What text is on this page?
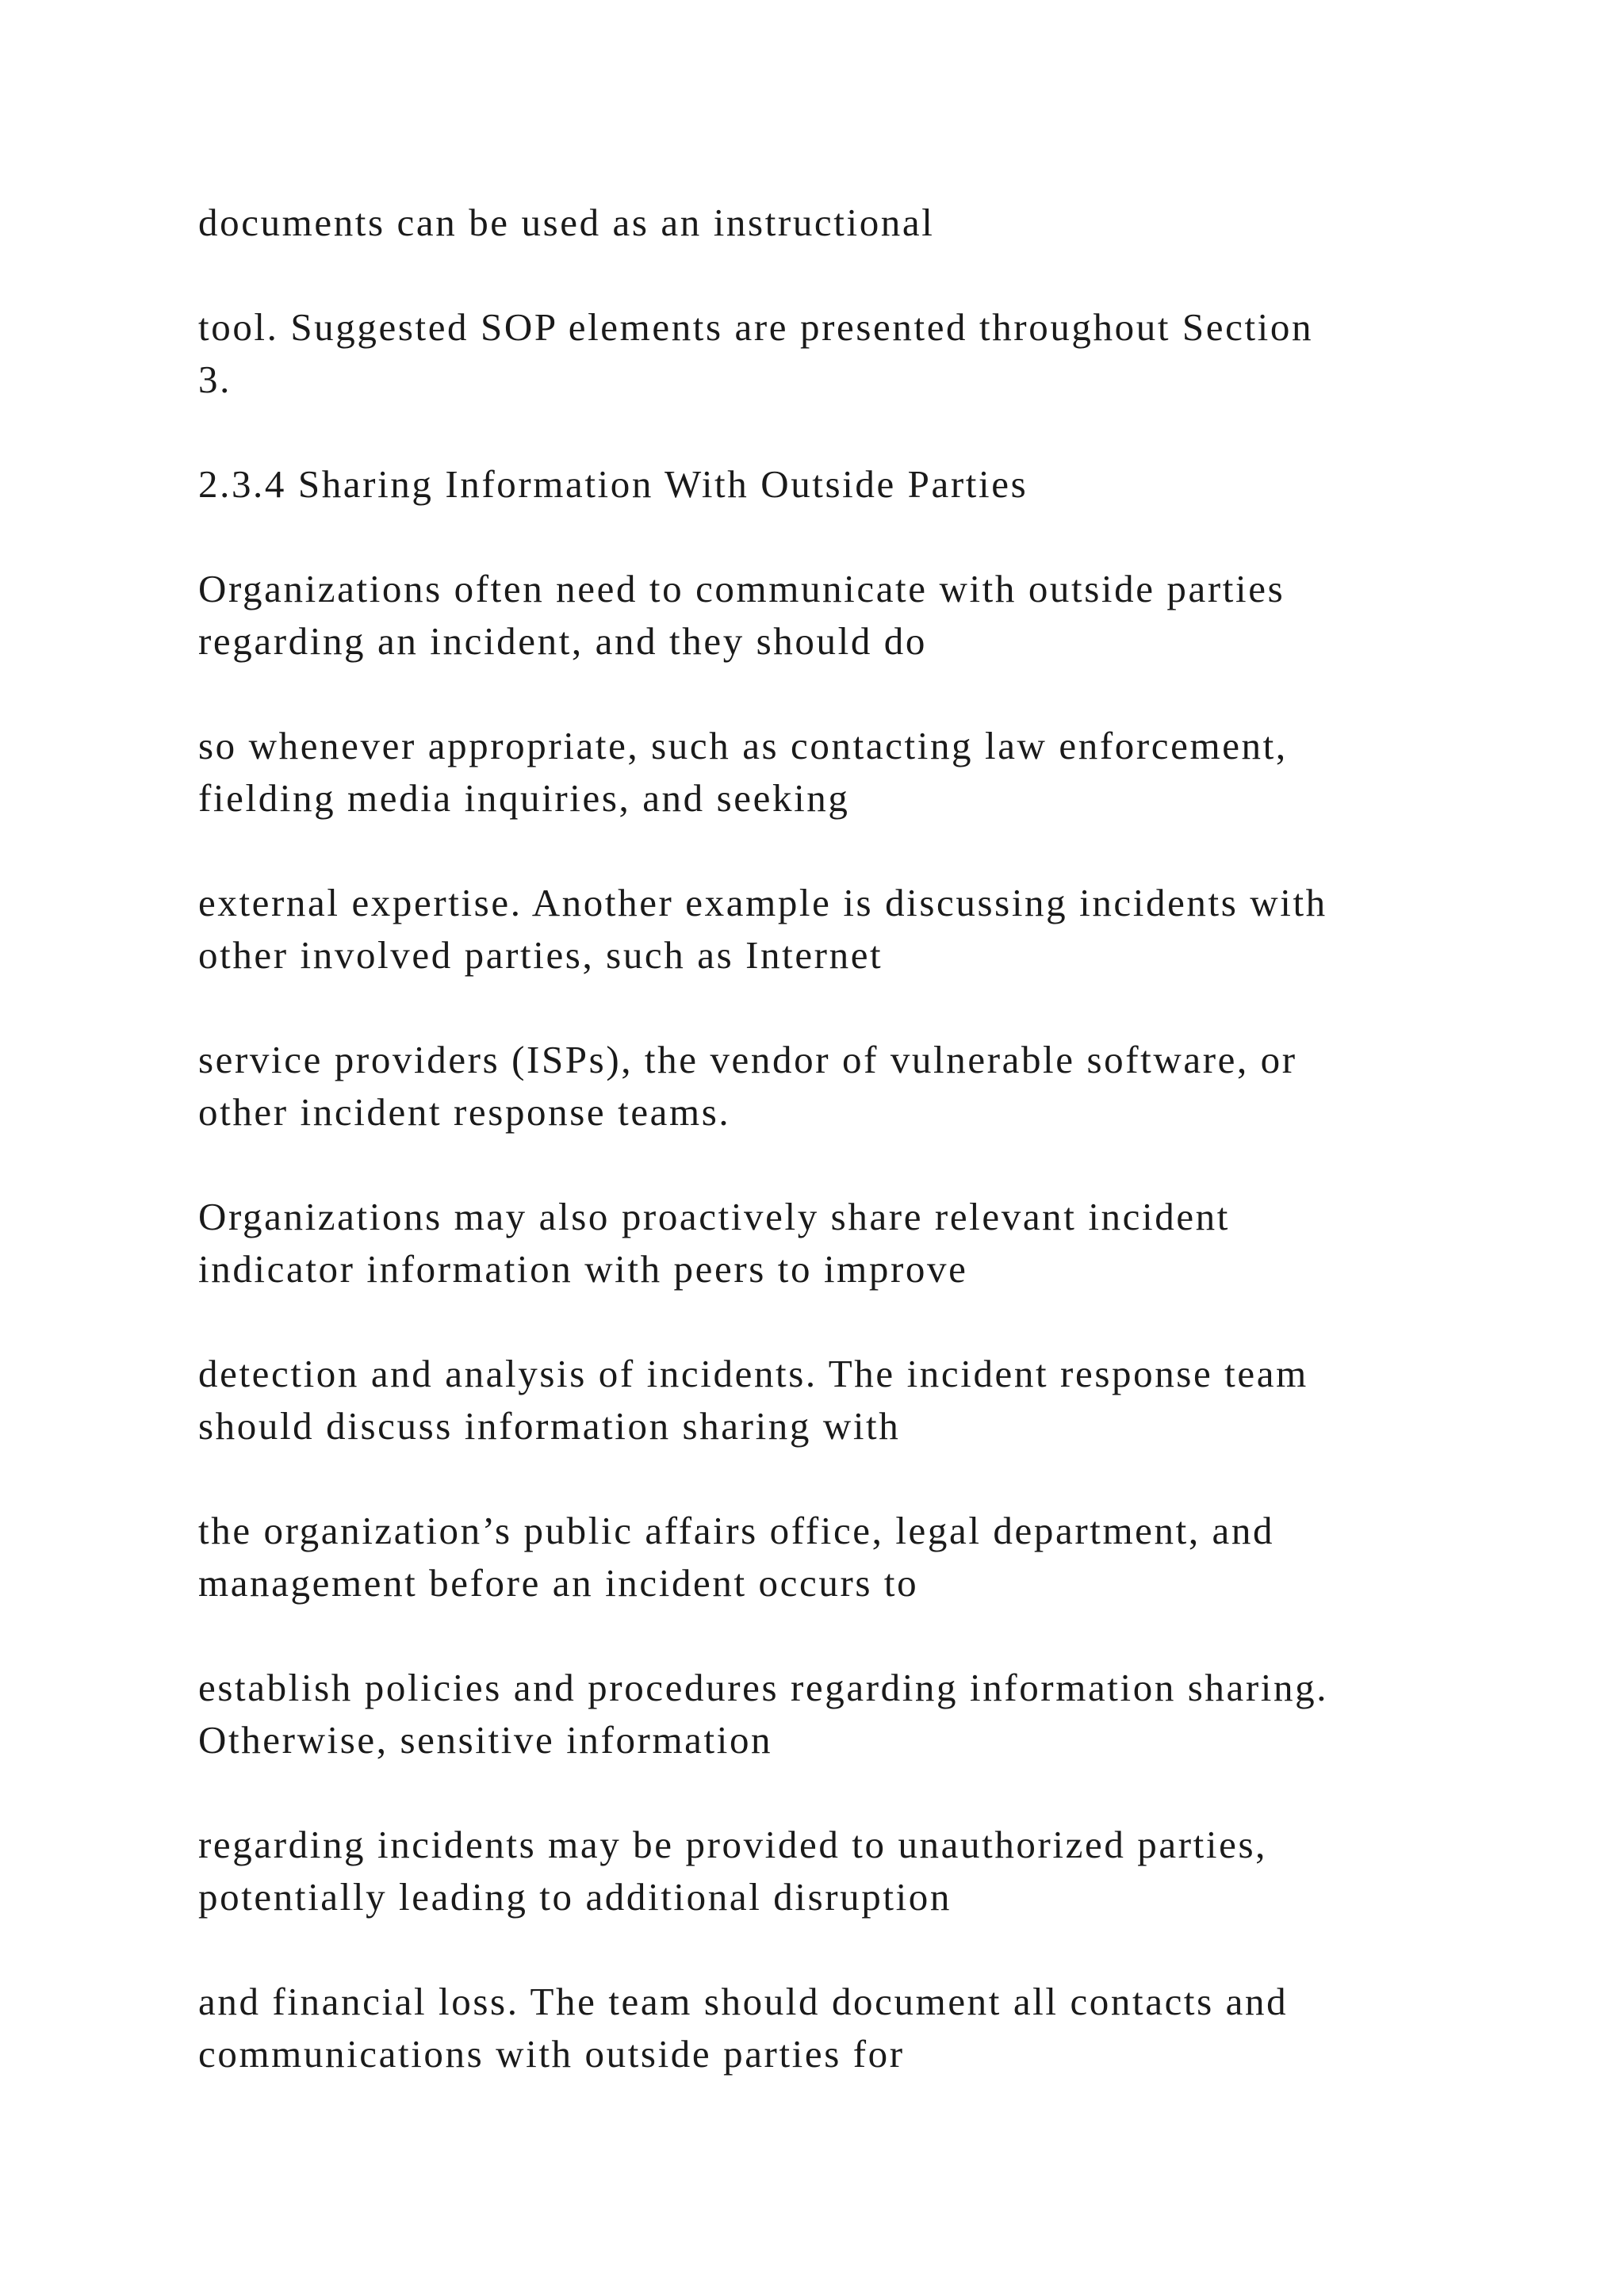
documents can be used as an instructional

tool. Suggested SOP elements are presented throughout Section
3.

2.3.4 Sharing Information With Outside Parties

Organizations often need to communicate with outside parties
regarding an incident, and they should do

so whenever appropriate, such as contacting law enforcement,
fielding media inquiries, and seeking

external expertise. Another example is discussing incidents with
other involved parties, such as Internet

service providers (ISPs), the vendor of vulnerable software, or
other incident response teams.

Organizations may also proactively share relevant incident
indicator information with peers to improve

detection and analysis of incidents. The incident response team
should discuss information sharing with

the organization’s public affairs office, legal department, and
management before an incident occurs to

establish policies and procedures regarding information sharing.
Otherwise, sensitive information

regarding incidents may be provided to unauthorized parties,
potentially leading to additional disruption

and financial loss. The team should document all contacts and
communications with outside parties for
